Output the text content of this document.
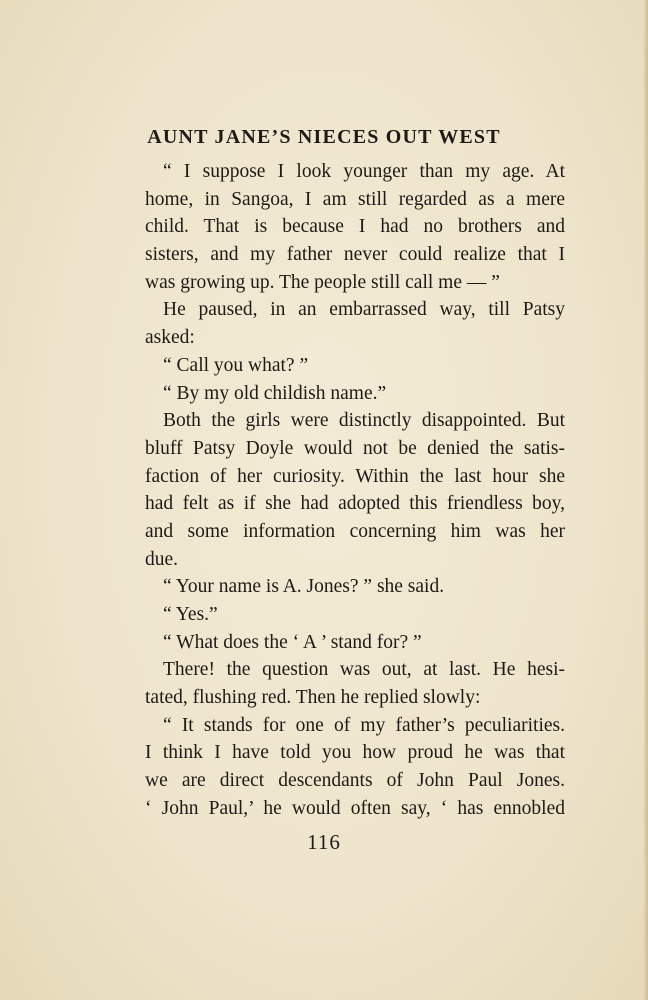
AUNT JANE’S NIECES OUT WEST
“ I suppose I look younger than my age. At
home, in Sangoa, I am still regarded as a mere
child. That is because I had no brothers and
sisters, and my father never could realize that I
was growing up. The people still call me — ”
He paused, in an embarrassed way, till Patsy
asked:
“ Call you what? ”
“ By my old childish name.”
Both the girls were distinctly disappointed. But
bluff Patsy Doyle would not be denied the satis-
faction of her curiosity. Within the last hour she
had felt as if she had adopted this friendless boy,
and some information concerning him was her
due.
“ Your name is A. Jones? ” she said.
“ Yes.”
“ What does the ‘ A ’ stand for? ”
There! the question was out, at last. He hesi-
tated, flushing red. Then he replied slowly:
“ It stands for one of my father’s peculiarities.
I think I have told you how proud he was that
we are direct descendants of John Paul Jones.
‘ John Paul,’ he would often say, ‘ has ennobled
116
